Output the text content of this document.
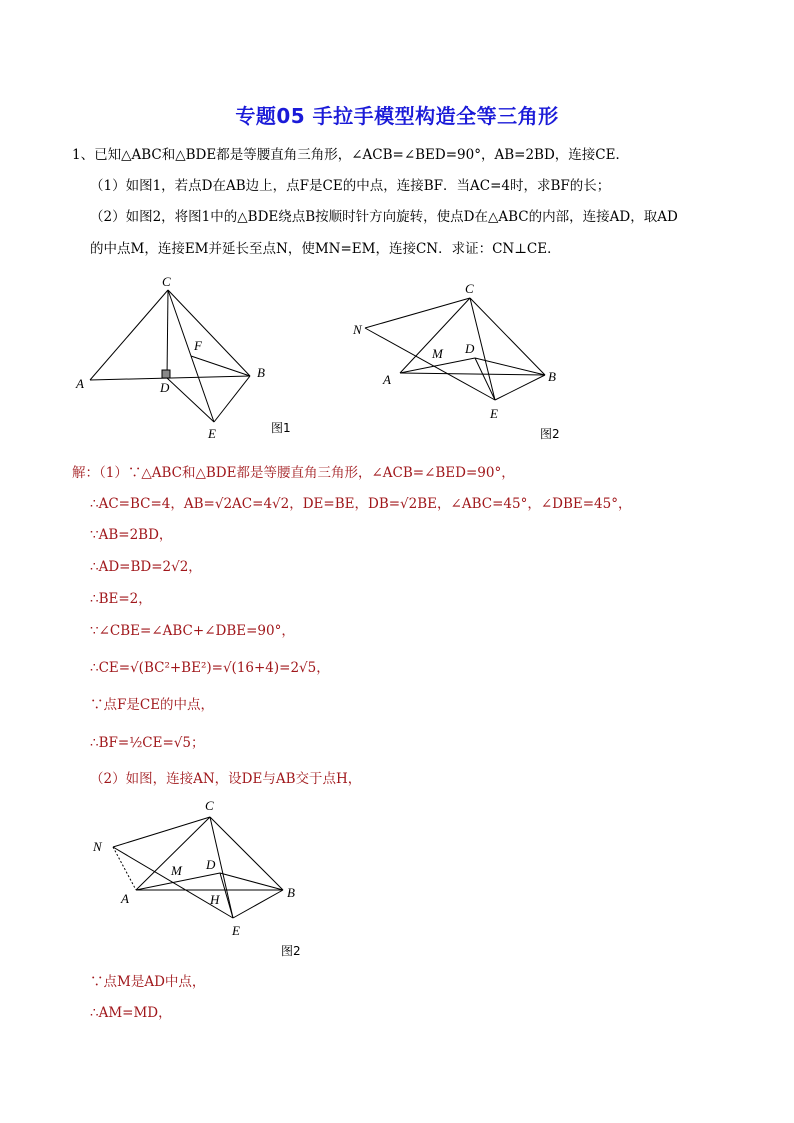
专题05 手拉手模型构造全等三角形
1、已知△ABC和△BDE都是等腰直角三角形，∠ACB=∠BED=90°，AB=2BD，连接CE．
（1）如图1，若点D在AB边上，点F是CE的中点，连接BF．当AC=4时，求BF的长；
（2）如图2，将图1中的△BDE绕点B按顺时针方向旋转，使点D在△ABC的内部，连接AD，取AD
的中点M，连接EM并延长至点N，使MN=EM，连接CN．求证：CN⊥CE．
C
F
B
A	D
E	图1
C
N
M D
A	B
E
图2
解：（1）∵△ABC和△BDE都是等腰直角三角形，∠ACB=∠BED=90°，
∴AC=BC=4，AB=√2AC=4√2，DE=BE，DB=√2BE，∠ABC=45°，∠DBE=45°，
∵AB=2BD，
∴AD=BD=2√2，
∴BE=2，
∵∠CBE=∠ABC+∠DBE=90°，
∴CE=√(BC²+BE²)=√(16+4)=2√5，
∵点F是CE的中点，
∴BF=½CE=√5；
（2）如图，连接AN，设DE与AB交于点H，
C
N
M D
A	H	B
E
图2
∵点M是AD中点，
∴AM=MD，
